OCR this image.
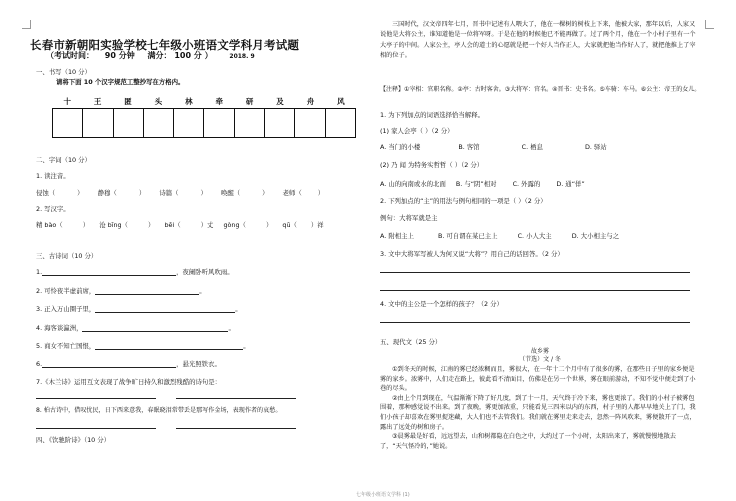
长春市新朝阳实验学校七年级小班语文学科月考试题
（考试时间： 90 分钟 满分： 100 分 ）	2018. 9
一、书写（10 分）
请将下面 10 个汉字规范工整抄写在方格内。
十	王	匿	头	林	牵	研	及	舟	风
二、字词（10 分）
1. 读注音。
侵蚀（	） 静穆（	） 诗篇（	） 唤醒（	） 老师（	）
2. 写汉字。
精 bào（	） 沧 bīng（	） bēi（	）丈 gòng（	） qū（ ）祥
三、古诗词（10 分）
1.	，夜阑卧听风吹雨。
2. 可怜夜半虚前席，	。
3. 正入万山圈子里，	。
4. 海客谈瀛洲，	。
5. 商女不知亡国恨，	。
6.	，悬光照铁衣。
7.《木兰诗》运用互文表现了战争旷日持久和激烈残酷的诗句是：
8. 柏古诗中，借叹忧民，日下西来意我，春眠晓泪常带丢是那写作金场，表现作者的哀愁。
四、《饮驰阶诗》（10 分）
三国时代，汉文帝四年七月，晋书中记述有人喂大了，他在一棵树的树枝上下来，他被大家，那年以后，人家又说他是大将公主，谁知道他是一位将军呀。于是在他的时候他已不能再做了。过了两个月，他在一个小村子里有一个大亭子的中间。人家公主，亭人会的道士的心愿就是把一个好人当作正人，大家就把他当作好人了，就把他推上了宰相的位子。
【注释】①宰相：官职名称。②亭：古时客舍。③大将军：官名。④晋书：史书名。⑤车骑：车马。⑥公主：帝王的女儿。
1. 为下列加点的词语选择恰当解释。
(1) 家人会亭（ ）（2 分）
A. 当门的小楼	B. 客馆	C. 栖息	D. 驿站
(2) 乃 闻 为特务实哲哲（ ）（2 分）
A. 山的向南或水的北面 B. 与“阴”相对	C. 外露的	D. 通“佯”
2. 下列加点的“主”的用法与例句相同的一项是（ ）（2 分）
例句：大将军就是主
A. 附相主上	B. 可自谓在某已主上	C. 小人大主	D. 大小相主与之
3. 文中大将军写被人为何又说“大将”？用自己的话回答。（2 分）
4. 文中的主公是一个怎样的孩子？（2 分）
五、现代文（25 分）
故乡雾
（节选）文 / 冬
①到冬天的时候，江南的雾已经浓稠而且，雾很大，在一年十二个月中有了很多的雾，在那些日子里的家乡便是雾的家乡。浓雾中，人们走在路上，彼此看不清面目，仿佛是在另一个世界，雾在眼前游动，不知不觉中便走到了小巷的尽头。
②由上个月到现在，气温渐渐下降了好几度，到了十一月，天气终于冷下来，雾也更浓了。我们的小村子被雾包围着，那种感觉说不出来。到了夜晚，雾更加浓重，只能看见三四米以内的东西，村子里的人都早早地关上了门，我们小孩子却喜欢在雾里捉迷藏，大人们也不去管我们。我们就在雾里走来走去，忽然一阵风吹来，雾便散开了一点，露出了远处的树和房子。
③晨雾最是好看，远远望去，山和树都隐在白色之中，大约过了一个小时，太阳出来了，雾就慢慢地散去了，“天气怪冷的，”她说。
七年级小班语文学科 (1)
